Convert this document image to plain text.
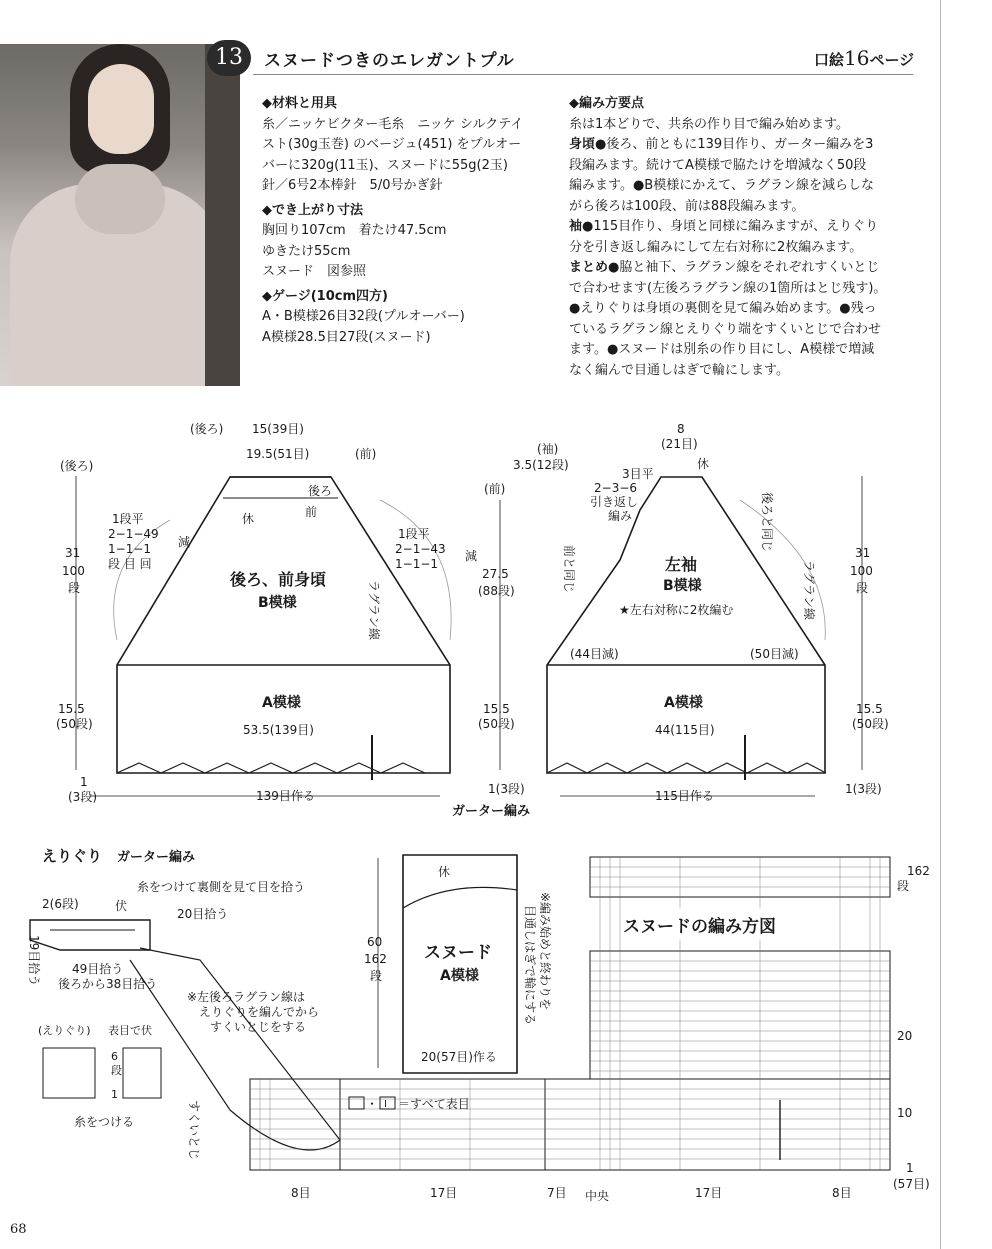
13	スヌードつきのエレガントプル	口絵16ページ

◆材料と用具

糸／ニッケビクター毛糸　ニッケ シルクテイ

スト(30g玉巻) のベージュ(451) をプルオー

バーに320g(11玉)、スヌードに55g(2玉)

針／6号2本棒針　5/0号かぎ針

◆でき上がり寸法

胸回り107cm　着たけ47.5cm

ゆきたけ55cm

スヌード　図参照

◆ゲージ(10cm四方)

A・B模様26目32段(プルオーバー)

A模様28.5目27段(スヌード)

◆編み方要点

糸は1本どりで、共糸の作り目で編み始めます。

身頃●後ろ、前ともに139目作り、ガーター編みを3

段編みます。続けてA模様で脇たけを増減なく50段

編みます。●B模様にかえて、ラグラン線を減らしな

がら後ろは100段、前は88段編みます。

袖●115目作り、身頃と同様に編みますが、えりぐり

分を引き返し編みにして左右対称に2枚編みます。

まとめ●脇と袖下、ラグラン線をそれぞれすくいとじ

で合わせます(左後ろラグラン線の1箇所はとじ残す)。

●えりぐりは身頃の裏側を見て編み始めます。●残っ

ているラグラン線とえりぐり端をすくいとじで合わせ

ます。●スヌードは別糸の作り目にし、A模様で増減

なく編んで目通しはぎで輪にします。

(後ろ) 15(39目)
19.5(51目)	(前)
(後ろ)
31
100
段
1段平
2−1−49
1−1−1
段 目 回
減
1段平
2−1−43
1−1−1
減
休
後ろ
前
後ろ、前身頃
B模様	ラグラン線
(前)
27.5
(88段)
A模様
53.5(139目)
15.5
(50段)
1
(3段)	139目作る
ガーター編み
8
(21目)
休
(袖)
3.5(12段)
3目平
2−3−6
引き返し
編み	後ろと同じ
前と同じ	左袖
B模様
★左右対称に2枚編む	ラグラン線
(44目減)	(50目減)
31
100
段
A模様
44(115目)
15.5
(50段)
15.5
(50段)
1(3段)	1(3段)
115目作る
えりぐり ガーター編み
糸をつけて裏側を見て目を拾う
2(6段)	伏
20目拾う
19目拾う	49目拾う
後ろから38目拾う
※左後ろラグラン線は
えりぐりを編んでから
すくいとじをする
(えりぐり) 表目で伏
6
段
1
糸をつける	すくいとじ
休
スヌード
A模様
60
162
段
20(57目)作る
※編み始めと終わりを
目通しはぎで輪にする	スヌードの編み方図
・ I ＝すべて表目
162
段
20
10
1
(57目)
8目	17目	7目 中央	17目	8目
68
